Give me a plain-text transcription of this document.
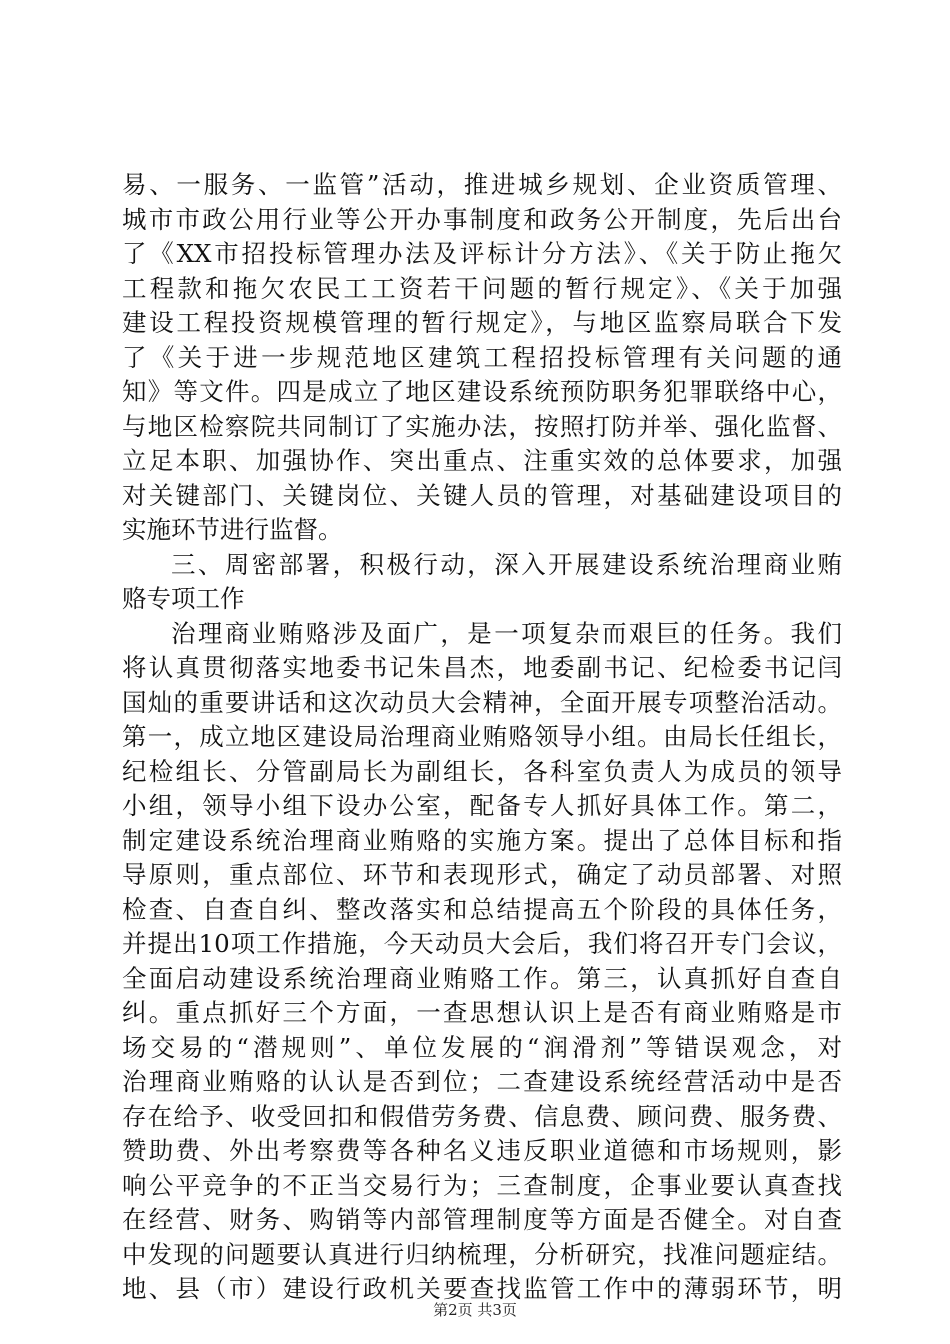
易、一服务、一监管”活动，推进城乡规划、企业资质管理、
城市市政公用行业等公开办事制度和政务公开制度，先后出台
了《XX市招投标管理办法及评标计分方法》、《关于防止拖欠
工程款和拖欠农民工工资若干问题的暂行规定》、《关于加强
建设工程投资规模管理的暂行规定》，与地区监察局联合下发
了《关于进一步规范地区建筑工程招投标管理有关问题的通
知》等文件。四是成立了地区建设系统预防职务犯罪联络中心，
与地区检察院共同制订了实施办法，按照打防并举、强化监督、
立足本职、加强协作、突出重点、注重实效的总体要求，加强
对关键部门、关键岗位、关键人员的管理，对基础建设项目的
实施环节进行监督。
三、周密部署，积极行动，深入开展建设系统治理商业贿
赂专项工作
治理商业贿赂涉及面广，是一项复杂而艰巨的任务。我们
将认真贯彻落实地委书记朱昌杰，地委副书记、纪检委书记闫
国灿的重要讲话和这次动员大会精神，全面开展专项整治活动。
第一，成立地区建设局治理商业贿赂领导小组。由局长任组长，
纪检组长、分管副局长为副组长，各科室负责人为成员的领导
小组，领导小组下设办公室，配备专人抓好具体工作。第二，
制定建设系统治理商业贿赂的实施方案。提出了总体目标和指
导原则，重点部位、环节和表现形式，确定了动员部署、对照
检查、自查自纠、整改落实和总结提高五个阶段的具体任务，
并提出10项工作措施，今天动员大会后，我们将召开专门会议，
全面启动建设系统治理商业贿赂工作。第三，认真抓好自查自
纠。重点抓好三个方面，一查思想认识上是否有商业贿赂是市
场交易的“潜规则”、单位发展的“润滑剂”等错误观念，对
治理商业贿赂的认认是否到位；二查建设系统经营活动中是否
存在给予、收受回扣和假借劳务费、信息费、顾问费、服务费、
赞助费、外出考察费等各种名义违反职业道德和市场规则，影
响公平竞争的不正当交易行为；三查制度，企事业要认真查找
在经营、财务、购销等内部管理制度等方面是否健全。对自查
中发现的问题要认真进行归纳梳理，分析研究，找准问题症结。
地、县（市）建设行政机关要查找监管工作中的薄弱环节，明
第2页 共3页
